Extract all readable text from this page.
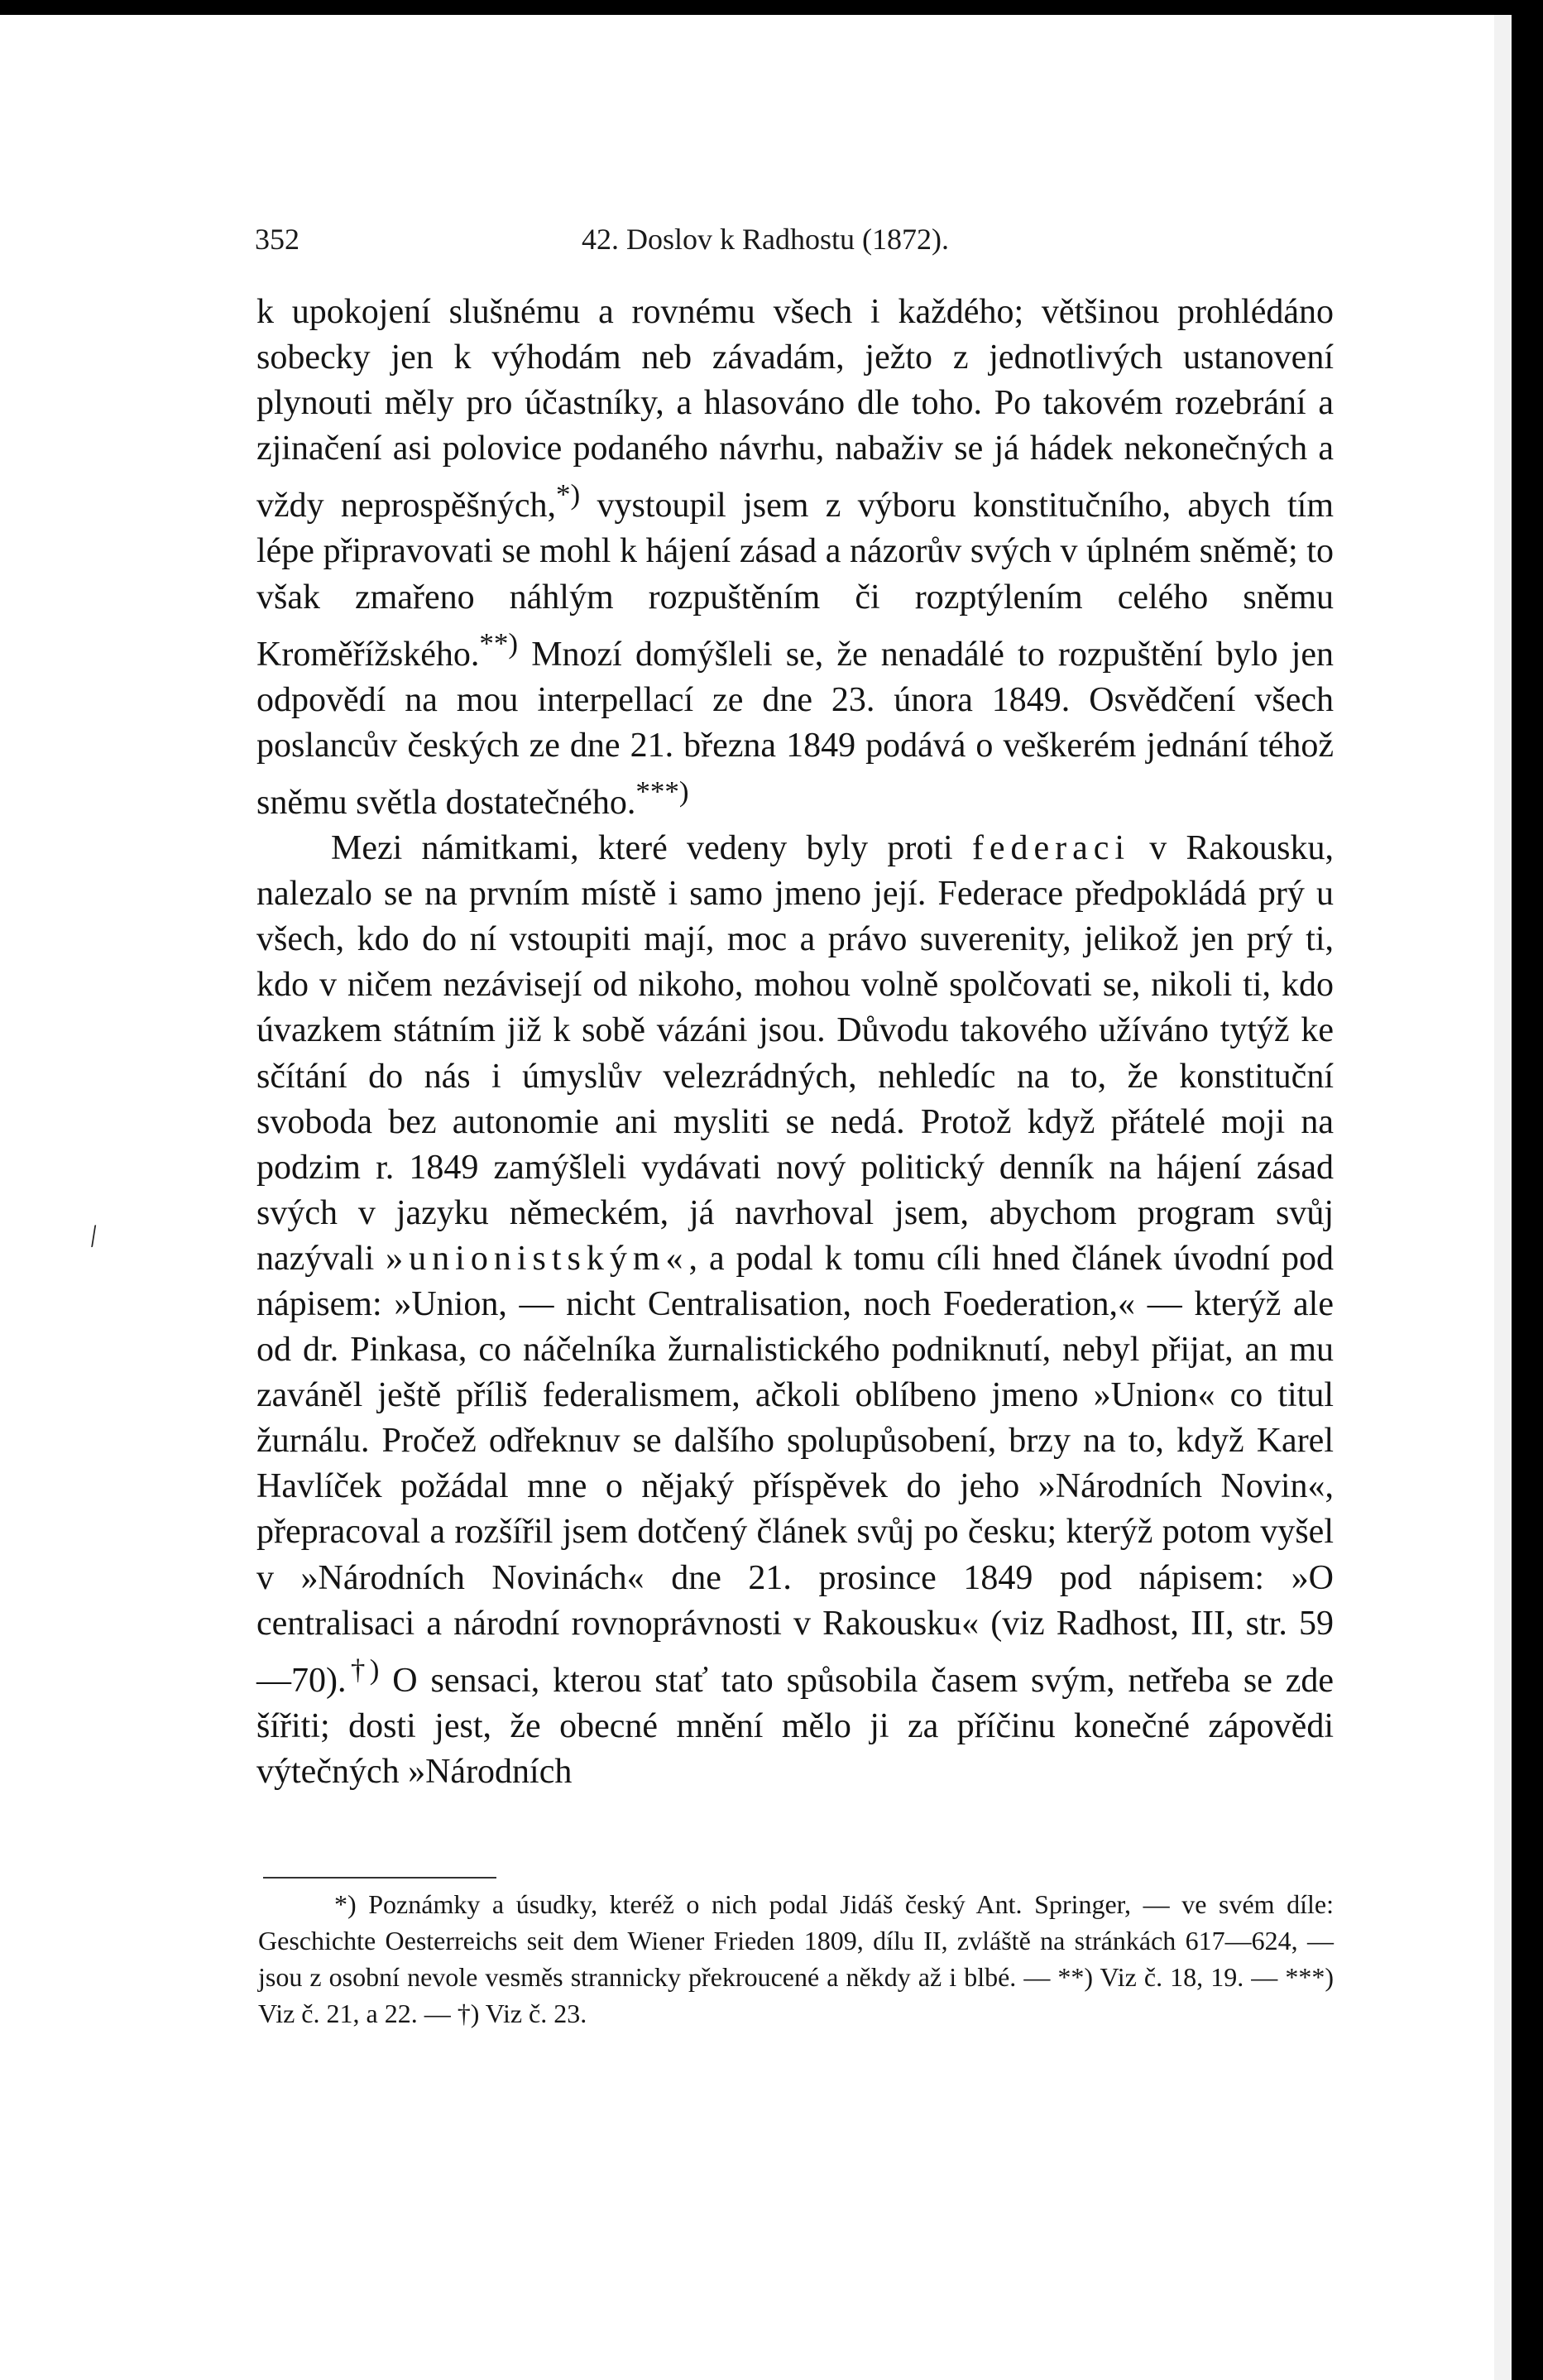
352	42. Doslov k Radhostu (1872).

k upokojení slušnému a rovnému všech i každého; většinou prohlédáno sobecky jen k výhodám neb závadám, ježto z jednotlivých ustanovení plynouti měly pro účastníky, a hlasováno dle toho. Po takovém rozebrání a zjinačení asi polovice podaného návrhu, nabaživ se já hádek nekonečných a vždy neprospěšných,*) vystoupil jsem z výboru konstitučního, abych tím lépe připravovati se mohl k hájení zásad a názorův svých v úplném sněmě; to však zmařeno náhlým rozpuštěním či rozptýlením celého sněmu Kroměřížského.**) Mnozí domýšleli se, že nenadálé to rozpuštění bylo jen odpovědí na mou interpellací ze dne 23. února 1849. Osvědčení všech poslancův českých ze dne 21. března 1849 podává o veškerém jednání téhož sněmu světla dostatečného.***)

Mezi námitkami, které vedeny byly proti federaci v Rakousku, nalezalo se na prvním místě i samo jmeno její. Federace předpokládá prý u všech, kdo do ní vstoupiti mají, moc a právo suverenity, jelikož jen prý ti, kdo v ničem nezávisejí od nikoho, mohou volně spolčovati se, nikoli ti, kdo úvazkem státním již k sobě vázáni jsou. Důvodu takového užíváno tytýž ke sčítání do nás i úmyslův velezrádných, nehledíc na to, že konstituční svoboda bez autonomie ani mysliti se nedá. Protož když přátelé moji na podzim r. 1849 zamýšleli vydávati nový politický denník na hájení zásad svých v jazyku německém, já navrhoval jsem, abychom program svůj nazývali »unionistským«, a podal k tomu cíli hned článek úvodní pod nápisem: »Union, — nicht Centralisation, noch Foederation,« — kterýž ale od dr. Pinkasa, co náčelníka žurnalistického podniknutí, nebyl přijat, an mu zaváněl ještě příliš federalismem, ačkoli oblíbeno jmeno »Union« co titul žurnálu. Pročež odřeknuv se dalšího spolupůsobení, brzy na to, když Karel Havlíček požádal mne o nějaký příspěvek do jeho »Národních Novin«, přepracoval a rozšířil jsem dotčený článek svůj po česku; kterýž potom vyšel v »Národních Novinách« dne 21. prosince 1849 pod nápisem: »O centralisaci a národní rovnoprávnosti v Rakousku« (viz Radhost, III, str. 59—70).†) O sensaci, kterou stať tato spůsobila časem svým, netřeba se zde šířiti; dosti jest, že obecné mnění mělo ji za příčinu konečné zápovědi výtečných »Národních

*) Poznámky a úsudky, kteréž o nich podal Jidáš český Ant. Springer, — ve svém díle: Geschichte Oesterreichs seit dem Wiener Frieden 1809, dílu II, zvláště na stránkách 617—624, — jsou z osobní nevole vesměs strannicky překroucené a někdy až i blbé. — **) Viz č. 18, 19. — ***) Viz č. 21, a 22. — †) Viz č. 23.

/
